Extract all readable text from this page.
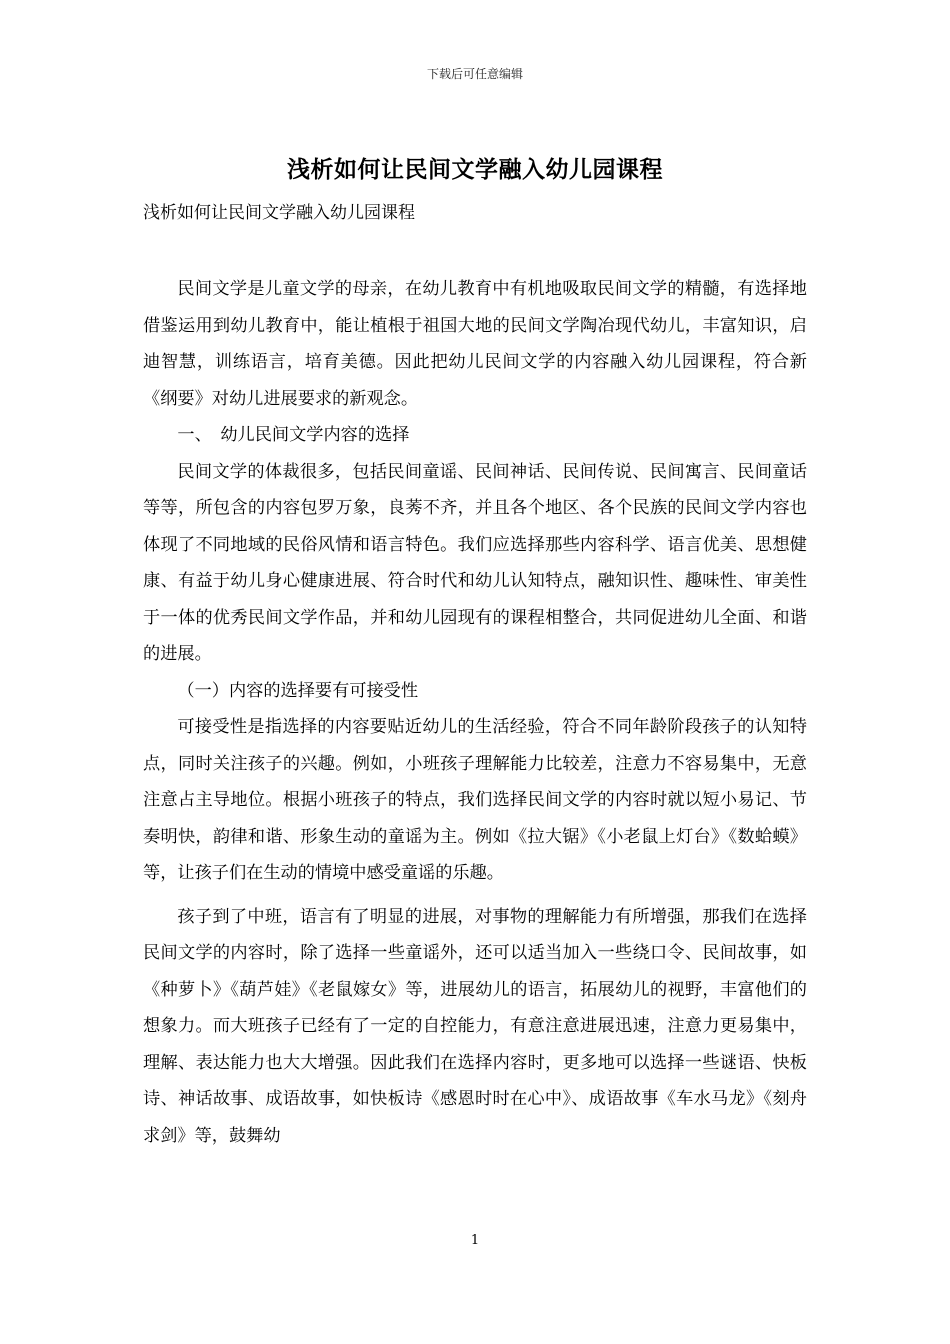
下载后可任意编辑
浅析如何让民间文学融入幼儿园课程
浅析如何让民间文学融入幼儿园课程

民间文学是儿童文学的母亲，在幼儿教育中有机地吸取民间文学的精髓，有选择地借鉴运用到幼儿教育中，能让植根于祖国大地的民间文学陶冶现代幼儿，丰富知识，启迪智慧，训练语言，培育美德。因此把幼儿民间文学的内容融入幼儿园课程，符合新《纲要》对幼儿进展要求的新观念。

一、　幼儿民间文学内容的选择

民间文学的体裁很多，包括民间童谣、民间神话、民间传说、民间寓言、民间童话等等，所包含的内容包罗万象，良莠不齐，并且各个地区、各个民族的民间文学内容也体现了不同地域的民俗风情和语言特色。我们应选择那些内容科学、语言优美、思想健康、有益于幼儿身心健康进展、符合时代和幼儿认知特点，融知识性、趣味性、审美性于一体的优秀民间文学作品，并和幼儿园现有的课程相整合，共同促进幼儿全面、和谐的进展。

（一）内容的选择要有可接受性

可接受性是指选择的内容要贴近幼儿的生活经验，符合不同年龄阶段孩子的认知特点，同时关注孩子的兴趣。例如，小班孩子理解能力比较差，注意力不容易集中，无意注意占主导地位。根据小班孩子的特点，我们选择民间文学的内容时就以短小易记、节奏明快，韵律和谐、形象生动的童谣为主。例如《拉大锯》《小老鼠上灯台》《数蛤蟆》等，让孩子们在生动的情境中感受童谣的乐趣。

孩子到了中班，语言有了明显的进展，对事物的理解能力有所增强，那我们在选择民间文学的内容时，除了选择一些童谣外，还可以适当加入一些绕口令、民间故事，如《种萝卜》《葫芦娃》《老鼠嫁女》等，进展幼儿的语言，拓展幼儿的视野，丰富他们的想象力。而大班孩子已经有了一定的自控能力，有意注意进展迅速，注意力更易集中，理解、表达能力也大大增强。因此我们在选择内容时，更多地可以选择一些谜语、快板诗、神话故事、成语故事，如快板诗《感恩时时在心中》、成语故事《车水马龙》《刻舟求剑》等，鼓舞幼

1
